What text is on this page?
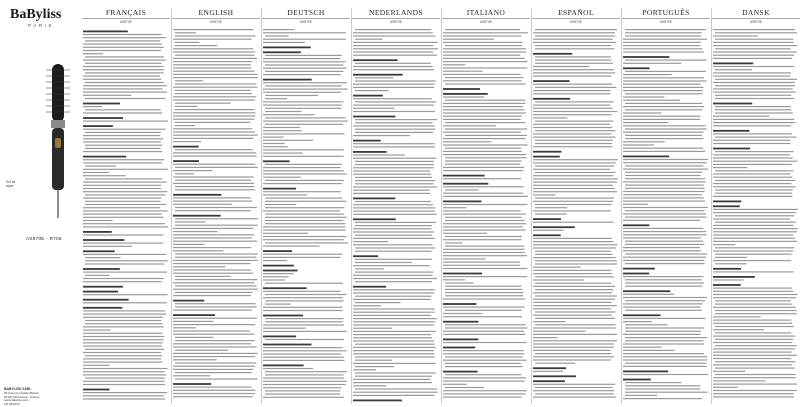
BaByliss
PARIS
Hot air
styler
AS970E - R706
BABYLISS SARL
99 Avenue Aristide Briand
92120 Montrouge - France
www.babyliss.com
FR 03/2013
FRANÇAIS
AS970E
ENGLISH
AS970E
DEUTSCH
AS970E
NEDERLANDS
AS970E
ITALIANO
AS970E
ESPAÑOL
AS970E
PORTUGUÊS
AS970E
DANSK
AS970E
